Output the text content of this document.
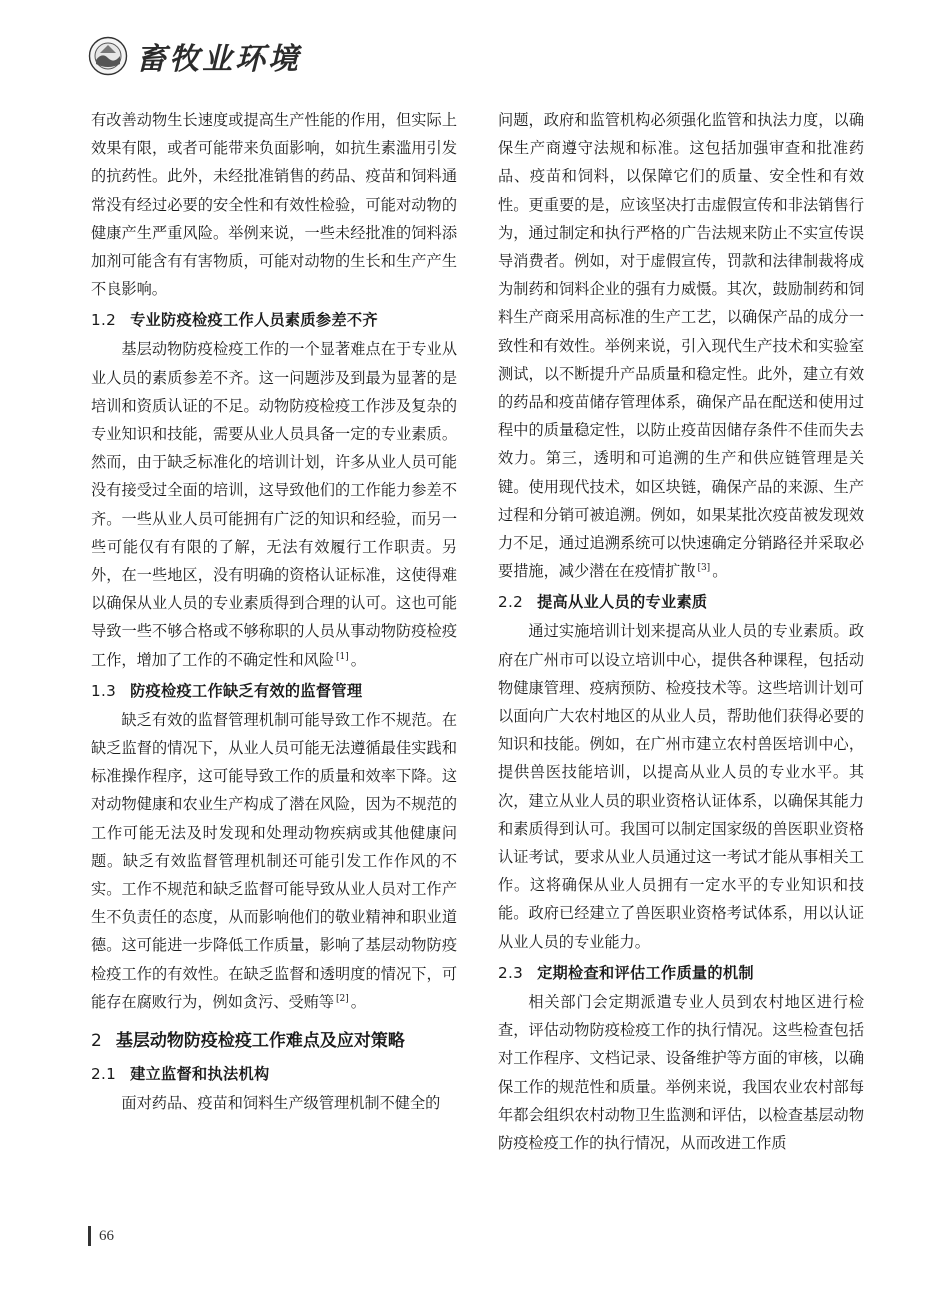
畜牧业环境

有改善动物生长速度或提高生产性能的作用，但实际上效果有限，或者可能带来负面影响，如抗生素滥用引发的抗药性。此外，未经批准销售的药品、疫苗和饲料通常没有经过必要的安全性和有效性检验，可能对动物的健康产生严重风险。举例来说，一些未经批准的饲料添加剂可能含有有害物质，可能对动物的生长和生产产生不良影响。

1.2 专业防疫检疫工作人员素质参差不齐

基层动物防疫检疫工作的一个显著难点在于专业从业人员的素质参差不齐。这一问题涉及到最为显著的是培训和资质认证的不足。动物防疫检疫工作涉及复杂的专业知识和技能，需要从业人员具备一定的专业素质。然而，由于缺乏标准化的培训计划，许多从业人员可能没有接受过全面的培训，这导致他们的工作能力参差不齐。一些从业人员可能拥有广泛的知识和经验，而另一些可能仅有有限的了解，无法有效履行工作职责。另外，在一些地区，没有明确的资格认证标准，这使得难以确保从业人员的专业素质得到合理的认可。这也可能导致一些不够合格或不够称职的人员从事动物防疫检疫工作，增加了工作的不确定性和风险 [1] 。

1.3 防疫检疫工作缺乏有效的监督管理

缺乏有效的监督管理机制可能导致工作不规范。在缺乏监督的情况下，从业人员可能无法遵循最佳实践和标准操作程序，这可能导致工作的质量和效率下降。这对动物健康和农业生产构成了潜在风险，因为不规范的工作可能无法及时发现和处理动物疾病或其他健康问题。缺乏有效监督管理机制还可能引发工作作风的不实。工作不规范和缺乏监督可能导致从业人员对工作产生不负责任的态度，从而影响他们的敬业精神和职业道德。这可能进一步降低工作质量，影响了基层动物防疫检疫工作的有效性。在缺乏监督和透明度的情况下，可能存在腐败行为，例如贪污、受贿等 [2] 。

2 基层动物防疫检疫工作难点及应对策略
2.1 建立监督和执法机构

面对药品、疫苗和饲料生产级管理机制不健全的

问题，政府和监管机构必须强化监管和执法力度，以确保生产商遵守法规和标准。这包括加强审查和批准药品、疫苗和饲料，以保障它们的质量、安全性和有效性。更重要的是，应该坚决打击虚假宣传和非法销售行为，通过制定和执行严格的广告法规来防止不实宣传误导消费者。例如，对于虚假宣传，罚款和法律制裁将成为制药和饲料企业的强有力威慑。其次，鼓励制药和饲料生产商采用高标准的生产工艺，以确保产品的成分一致性和有效性。举例来说，引入现代生产技术和实验室测试，以不断提升产品质量和稳定性。此外，建立有效的药品和疫苗储存管理体系，确保产品在配送和使用过程中的质量稳定性，以防止疫苗因储存条件不佳而失去效力。第三，透明和可追溯的生产和供应链管理是关键。使用现代技术，如区块链，确保产品的来源、生产过程和分销可被追溯。例如，如果某批次疫苗被发现效力不足，通过追溯系统可以快速确定分销路径并采取必要措施，减少潜在在疫情扩散 [3] 。

2.2 提高从业人员的专业素质

通过实施培训计划来提高从业人员的专业素质。政府在广州市可以设立培训中心，提供各种课程，包括动物健康管理、疫病预防、检疫技术等。这些培训计划可以面向广大农村地区的从业人员，帮助他们获得必要的知识和技能。例如，在广州市建立农村兽医培训中心，提供兽医技能培训，以提高从业人员的专业水平。其次，建立从业人员的职业资格认证体系，以确保其能力和素质得到认可。我国可以制定国家级的兽医职业资格认证考试，要求从业人员通过这一考试才能从事相关工作。这将确保从业人员拥有一定水平的专业知识和技能。政府已经建立了兽医职业资格考试体系，用以认证从业人员的专业能力。

2.3 定期检查和评估工作质量的机制

相关部门会定期派遣专业人员到农村地区进行检查，评估动物防疫检疫工作的执行情况。这些检查包括对工作程序、文档记录、设备维护等方面的审核，以确保工作的规范性和质量。举例来说，我国农业农村部每年都会组织农村动物卫生监测和评估，以检查基层动物防疫检疫工作的执行情况，从而改进工作质

66
